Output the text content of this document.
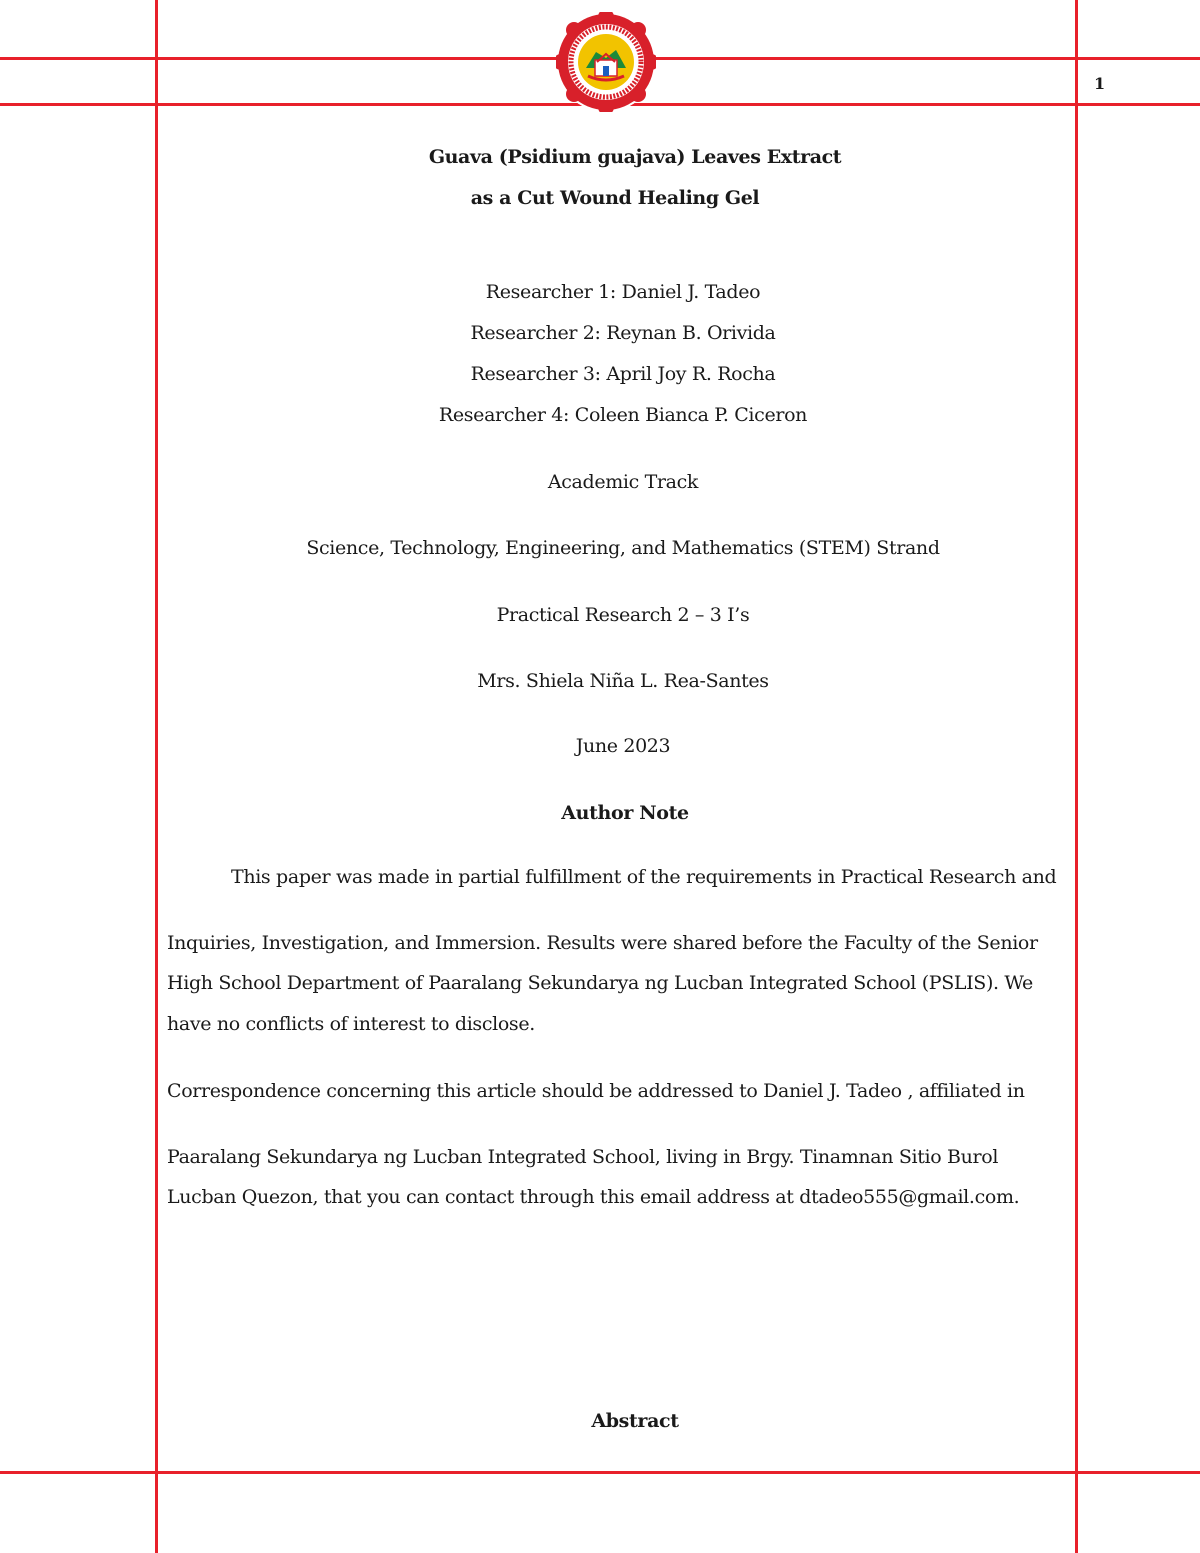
1
Guava (Psidium guajava) Leaves Extract
as a Cut Wound Healing Gel
Researcher 1: Daniel J. Tadeo
Researcher 2: Reynan B. Orivida
Researcher 3: April Joy R. Rocha
Researcher 4: Coleen Bianca P. Ciceron
Academic Track
Science, Technology, Engineering, and Mathematics (STEM) Strand
Practical Research 2 – 3 I’s
Mrs. Shiela Niña L. Rea-Santes
June 2023
Author Note
This paper was made in partial fulfillment of the requirements in Practical Research and
Inquiries, Investigation, and Immersion. Results were shared before the Faculty of the Senior
High School Department of Paaralang Sekundarya ng Lucban Integrated School (PSLIS). We
have no conflicts of interest to disclose.
Correspondence concerning this article should be addressed to Daniel J. Tadeo , affiliated in
Paaralang Sekundarya ng Lucban Integrated School, living in Brgy. Tinamnan Sitio Burol
Lucban Quezon, that you can contact through this email address at dtadeo555@gmail.com.
Abstract
